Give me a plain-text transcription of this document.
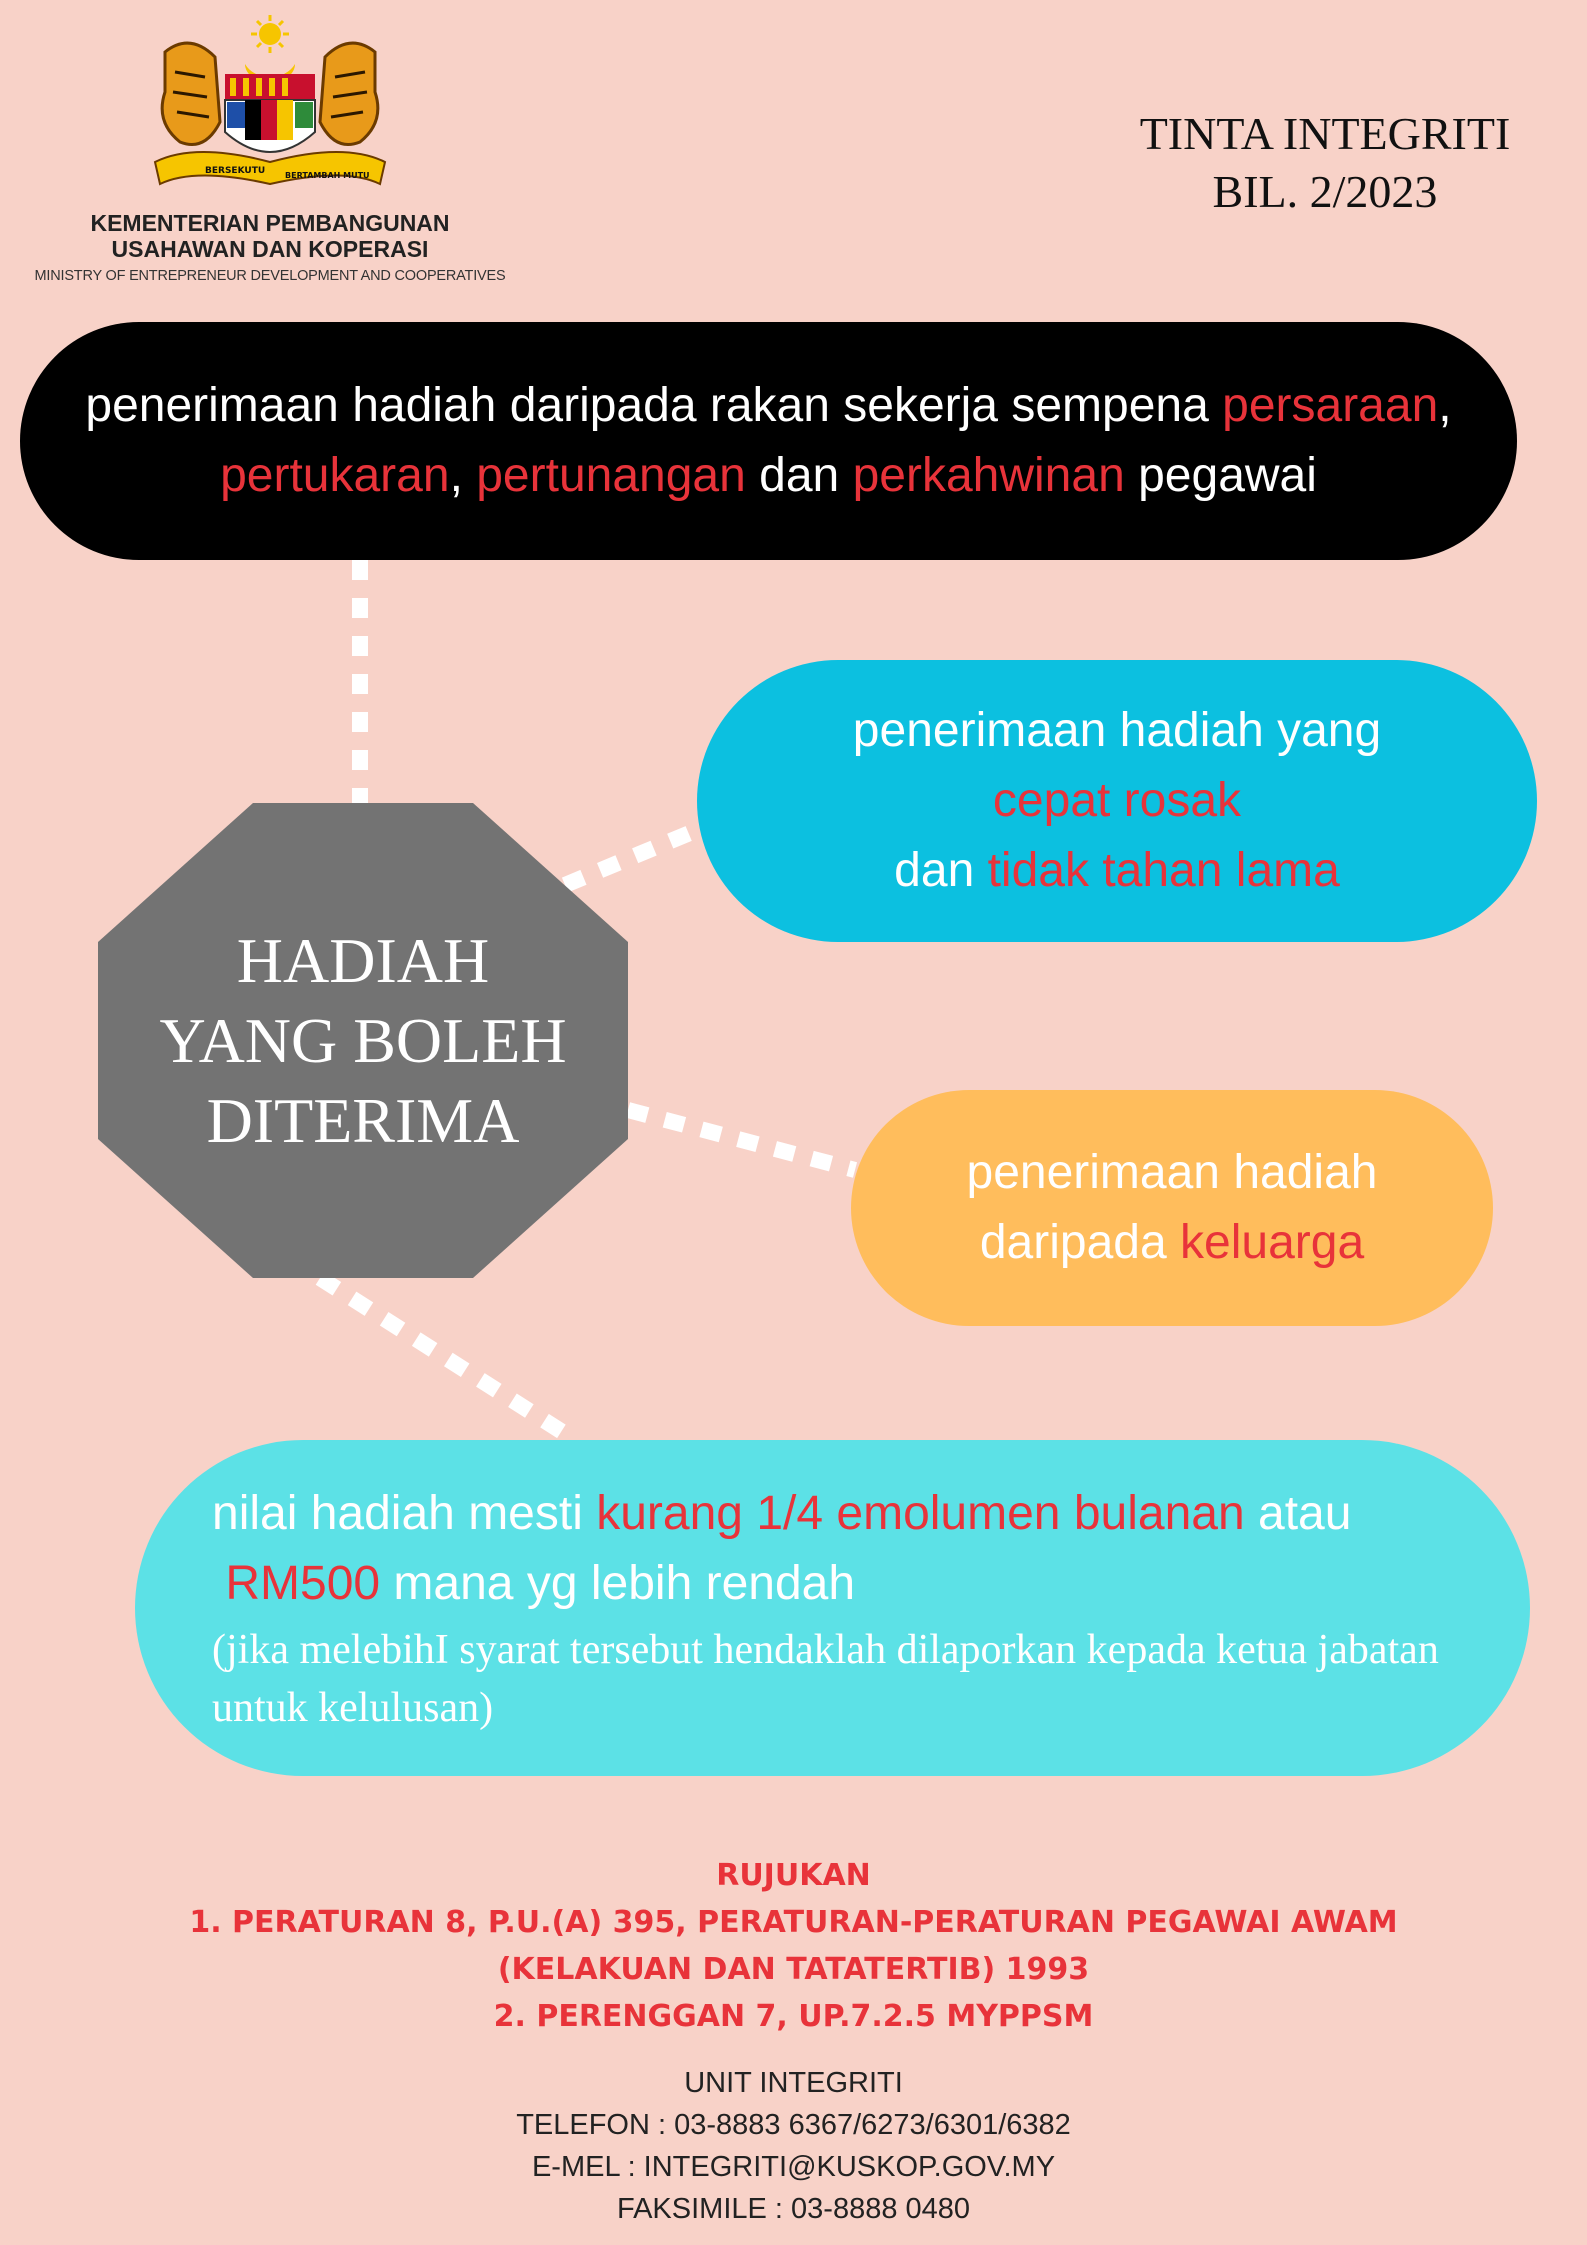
BERSEKUTU BERTAMBAH MUTU
KEMENTERIAN PEMBANGUNAN
USAHAWAN DAN KOPERASI
MINISTRY OF ENTREPRENEUR DEVELOPMENT AND COOPERATIVES
TINTA INTEGRITI
BIL. 2/2023
penerimaan hadiah daripada rakan sekerja sempena persaraan,
pertukaran, pertunangan dan perkahwinan pegawai
penerimaan hadiah yang
cepat rosak
dan tidak tahan lama
penerimaan hadiah
daripada keluarga
nilai hadiah mesti kurang 1/4 emolumen bulanan atau
RM500 mana yg lebih rendah
(jika melebihI syarat tersebut hendaklah dilaporkan kepada ketua jabatan
untuk kelulusan)
HADIAH
YANG BOLEH
DITERIMA
RUJUKAN
1. PERATURAN 8, P.U.(A) 395, PERATURAN-PERATURAN PEGAWAI AWAM
(KELAKUAN DAN TATATERTIB) 1993
2. PERENGGAN 7, UP.7.2.5 MYPPSM
UNIT INTEGRITI
TELEFON : 03-8883 6367/6273/6301/6382
E-MEL : INTEGRITI@KUSKOP.GOV.MY
FAKSIMILE : 03-8888 0480
